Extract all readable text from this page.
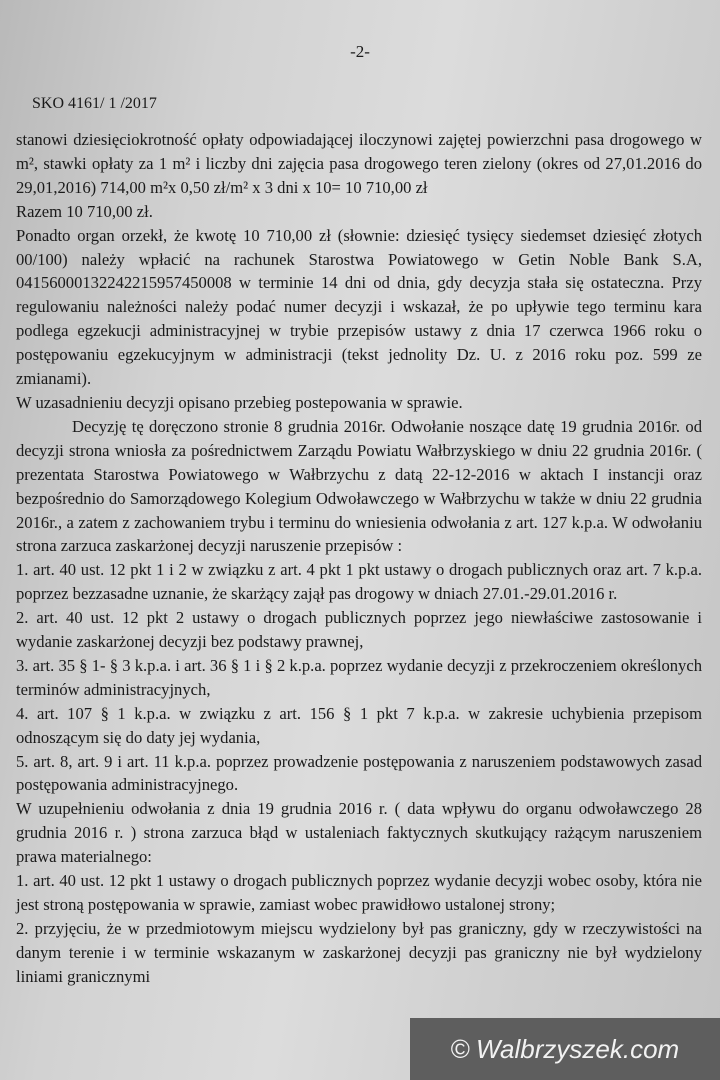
-2-
SKO 4161/ 1 /2017

stanowi dziesięciokrotność opłaty odpowiadającej iloczynowi zajętej powierzchni pasa drogowego w m², stawki opłaty za 1 m² i liczby dni zajęcia pasa drogowego teren zielony (okres od 27,01.2016 do 29,01,2016) 714,00 m²x 0,50 zł/m² x 3 dni x 10= 10 710,00 zł

Razem 10 710,00 zł.

Ponadto organ orzekł, że kwotę 10 710,00 zł (słownie: dziesięć tysięcy siedemset dziesięć złotych 00/100) należy wpłacić na rachunek Starostwa Powiatowego w Getin Noble Bank S.A, 04156000132242215957450008 w terminie 14 dni od dnia, gdy decyzja stała się ostateczna. Przy regulowaniu należności należy podać numer decyzji i wskazał, że po upływie tego terminu kara podlega egzekucji administracyjnej w trybie przepisów ustawy z dnia 17 czerwca 1966 roku o postępowaniu egzekucyjnym w administracji (tekst jednolity Dz. U. z 2016 roku poz. 599 ze zmianami).

W uzasadnieniu decyzji opisano przebieg postepowania w sprawie.

Decyzję tę doręczono stronie 8 grudnia 2016r. Odwołanie noszące datę 19 grudnia 2016r. od decyzji strona wniosła za pośrednictwem Zarządu Powiatu Wałbrzyskiego w dniu 22 grudnia 2016r. ( prezentata Starostwa Powiatowego w Wałbrzychu z datą 22-12-2016 w aktach I instancji oraz bezpośrednio do Samorządowego Kolegium Odwoławczego w Wałbrzychu w także w dniu 22 grudnia 2016r., a zatem z zachowaniem trybu i terminu do wniesienia odwołania z art. 127 k.p.a. W odwołaniu strona zarzuca zaskarżonej decyzji naruszenie przepisów :

1. art. 40 ust. 12 pkt 1 i 2 w związku z art. 4 pkt 1 pkt ustawy o drogach publicznych oraz art. 7 k.p.a. poprzez bezzasadne uznanie, że skarżący zajął pas drogowy w dniach 27.01.-29.01.2016 r.

2. art. 40 ust. 12 pkt 2 ustawy o drogach publicznych poprzez jego niewłaściwe zastosowanie i wydanie zaskarżonej decyzji bez podstawy prawnej,

3. art. 35 § 1- § 3 k.p.a. i art. 36 § 1 i § 2 k.p.a. poprzez wydanie decyzji z przekroczeniem określonych terminów administracyjnych,

4. art. 107 § 1 k.p.a. w związku z art. 156 § 1 pkt 7 k.p.a. w zakresie uchybienia przepisom odnoszącym się do daty jej wydania,

5. art. 8, art. 9 i art. 11 k.p.a. poprzez prowadzenie postępowania z naruszeniem podstawowych zasad postępowania administracyjnego.

W uzupełnieniu odwołania z dnia 19 grudnia 2016 r. ( data wpływu do organu odwoławczego 28 grudnia 2016 r. ) strona zarzuca błąd w ustaleniach faktycznych skutkujący rażącym naruszeniem prawa materialnego:

1. art. 40 ust. 12 pkt 1 ustawy o drogach publicznych poprzez wydanie decyzji wobec osoby, która nie jest stroną postępowania w sprawie, zamiast wobec prawidłowo ustalonej strony;

2. przyjęciu, że w przedmiotowym miejscu wydzielony był pas graniczny, gdy w rzeczywistości na danym terenie i w terminie wskazanym w zaskarżonej decyzji pas graniczny nie był wydzielony liniami granicznymi

© Walbrzyszek.com
